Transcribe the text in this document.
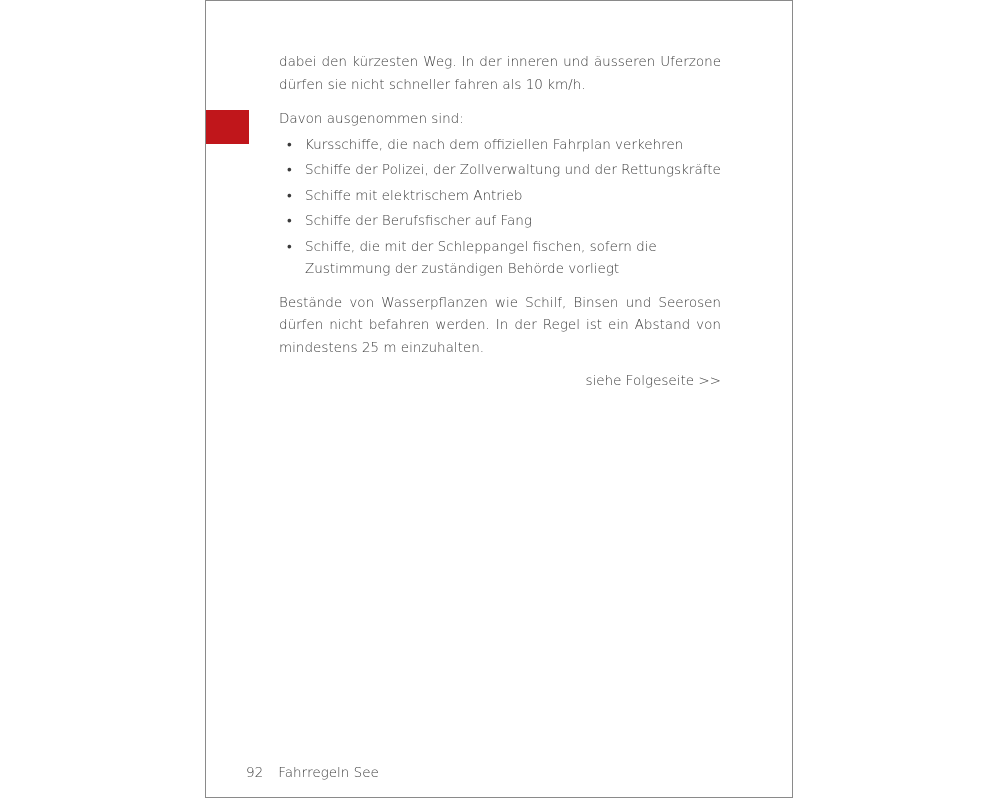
dabei den kürzesten Weg. In der inneren und äusseren Uferzone dürfen sie nicht schneller fahren als 10 km/h.

Davon ausgenommen sind:

• Kursschiffe, die nach dem offiziellen Fahrplan verkehren
• Schiffe der Polizei, der Zollverwaltung und der Rettungskräfte
• Schiffe mit elektrischem Antrieb
• Schiffe der Berufsfischer auf Fang
• Schiffe, die mit der Schleppangel fischen, sofern die Zustimmung der zuständigen Behörde vorliegt

Bestände von Wasserpflanzen wie Schilf, Binsen und Seerosen dürfen nicht befahren werden. In der Regel ist ein Abstand von mindestens 25 m einzuhalten.

siehe Folgeseite >>

92 Fahrregeln See
